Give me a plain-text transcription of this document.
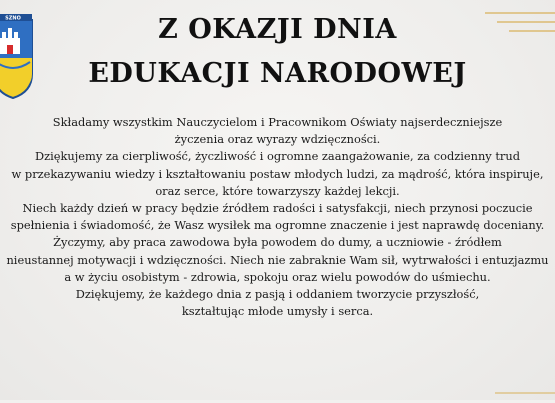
SZNO	Z OKAZJI DNIA
EDUKACJI NARODOWEJ
Składamy wszystkim Nauczycielom i Pracownikom Oświaty najserdeczniejsze
życzenia oraz wyrazy wdzięczności.
Dziękujemy za cierpliwość, życzliwość i ogromne zaangażowanie, za codzienny trud
w przekazywaniu wiedzy i kształtowaniu postaw młodych ludzi, za mądrość, która inspiruje,
oraz serce, które towarzyszy każdej lekcji.
Niech każdy dzień w pracy będzie źródłem radości i satysfakcji, niech przynosi poczucie
spełnienia i świadomość, że Wasz wysiłek ma ogromne znaczenie i jest naprawdę doceniany.
Życzymy, aby praca zawodowa była powodem do dumy, a uczniowie - źródłem
nieustannej motywacji i wdzięczności. Niech nie zabraknie Wam sił, wytrwałości i entuzjazmu
a w życiu osobistym - zdrowia, spokoju oraz wielu powodów do uśmiechu.
Dziękujemy, że każdego dnia z pasją i oddaniem tworzycie przyszłość,
kształtując młode umysły i serca.
